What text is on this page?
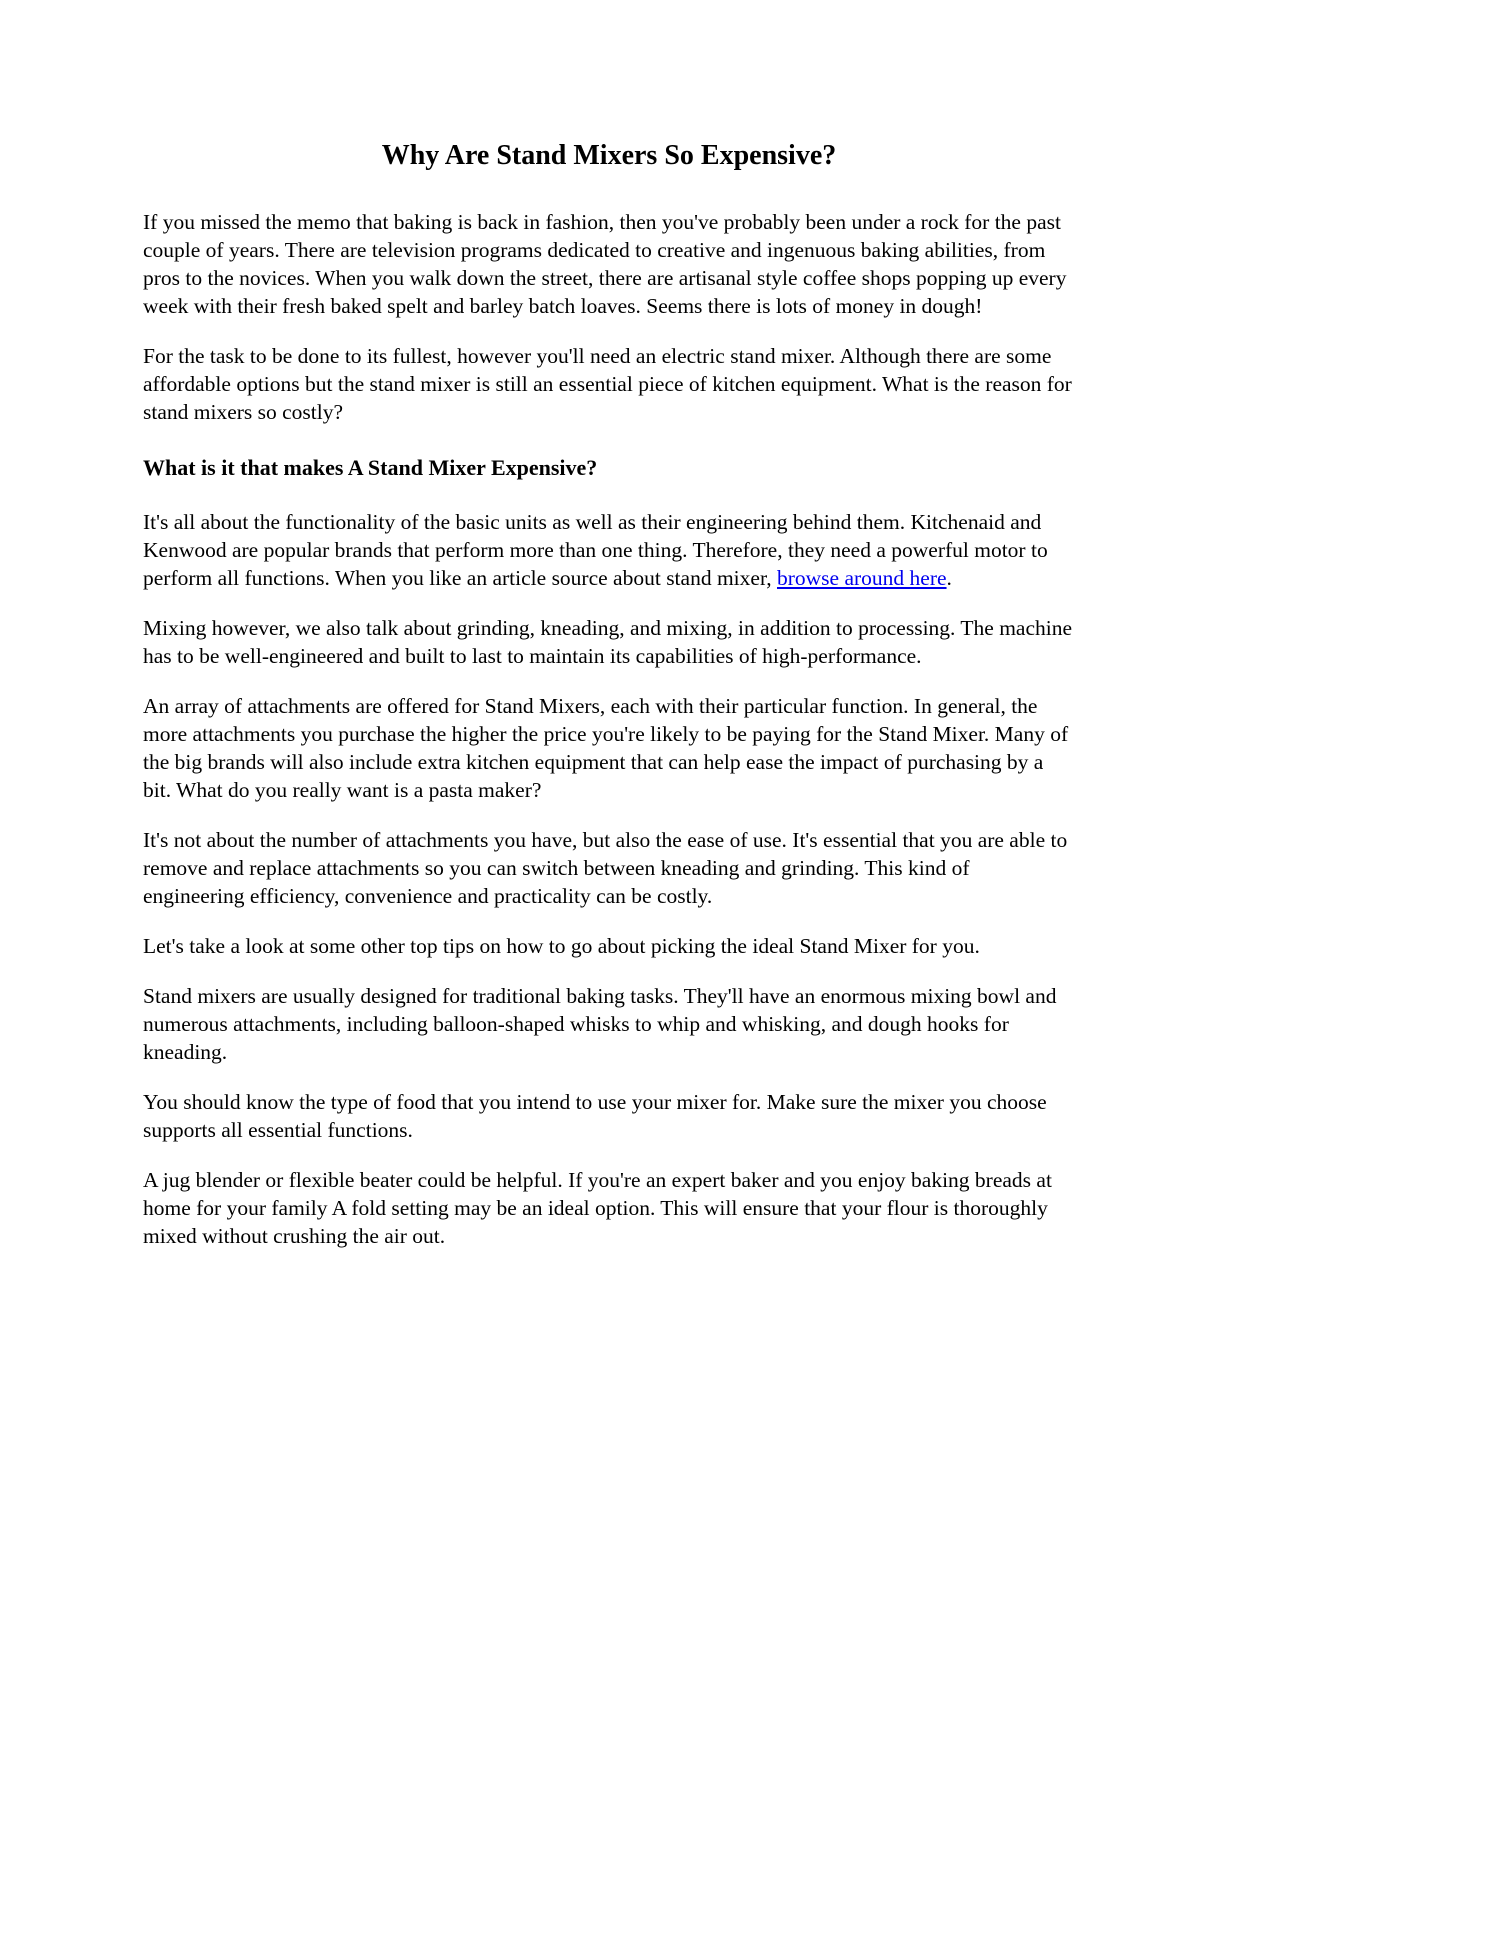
Why Are Stand Mixers So Expensive?

If you missed the memo that baking is back in fashion, then you've probably been under a rock for the past couple of years. There are television programs dedicated to creative and ingenuous baking abilities, from pros to the novices. When you walk down the street, there are artisanal style coffee shops popping up every week with their fresh baked spelt and barley batch loaves. Seems there is lots of money in dough!

For the task to be done to its fullest, however you'll need an electric stand mixer. Although there are some affordable options but the stand mixer is still an essential piece of kitchen equipment. What is the reason for stand mixers so costly?

What is it that makes A Stand Mixer Expensive?

It's all about the functionality of the basic units as well as their engineering behind them. Kitchenaid and Kenwood are popular brands that perform more than one thing. Therefore, they need a powerful motor to perform all functions. When you like an article source about stand mixer, browse around here.

Mixing however, we also talk about grinding, kneading, and mixing, in addition to processing. The machine has to be well-engineered and built to last to maintain its capabilities of high-performance.

An array of attachments are offered for Stand Mixers, each with their particular function. In general, the more attachments you purchase the higher the price you're likely to be paying for the Stand Mixer. Many of the big brands will also include extra kitchen equipment that can help ease the impact of purchasing by a bit. What do you really want is a pasta maker?

It's not about the number of attachments you have, but also the ease of use. It's essential that you are able to remove and replace attachments so you can switch between kneading and grinding. This kind of engineering efficiency, convenience and practicality can be costly.

Let's take a look at some other top tips on how to go about picking the ideal Stand Mixer for you.

Stand mixers are usually designed for traditional baking tasks. They'll have an enormous mixing bowl and numerous attachments, including balloon-shaped whisks to whip and whisking, and dough hooks for kneading.

You should know the type of food that you intend to use your mixer for. Make sure the mixer you choose supports all essential functions.

A jug blender or flexible beater could be helpful. If you're an expert baker and you enjoy baking breads at home for your family A fold setting may be an ideal option. This will ensure that your flour is thoroughly mixed without crushing the air out.
